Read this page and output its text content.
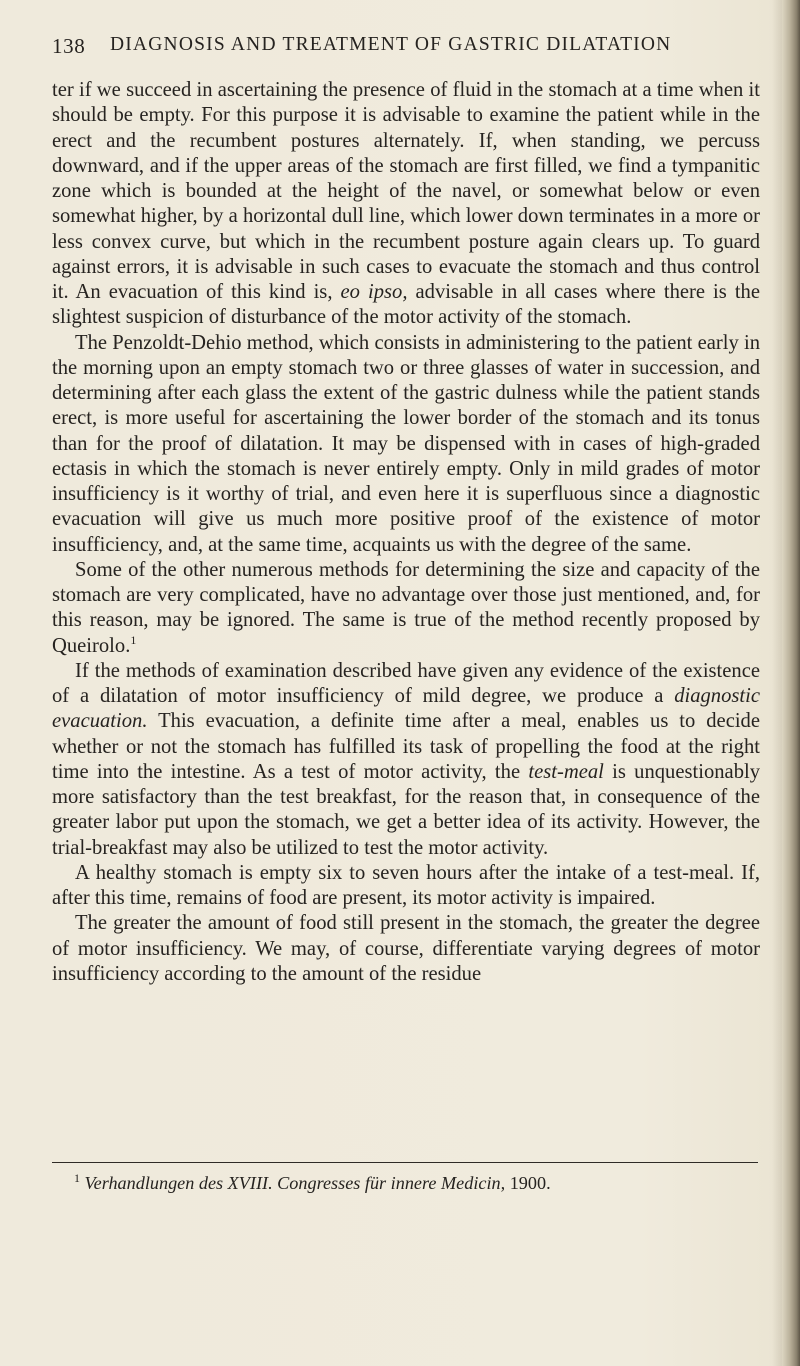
138 DIAGNOSIS AND TREATMENT OF GASTRIC DILATATION

ter if we succeed in ascertaining the presence of fluid in the stomach at a time when it should be empty. For this purpose it is advisable to examine the patient while in the erect and the recumbent postures alternately. If, when standing, we percuss downward, and if the upper areas of the stomach are first filled, we find a tympanitic zone which is bounded at the height of the navel, or somewhat below or even somewhat higher, by a horizontal dull line, which lower down terminates in a more or less convex curve, but which in the recumbent posture again clears up. To guard against errors, it is advisable in such cases to evacuate the stomach and thus control it. An evacuation of this kind is, eo ipso, advisable in all cases where there is the slightest suspicion of disturbance of the motor activity of the stomach.

The Penzoldt-Dehio method, which consists in administering to the patient early in the morning upon an empty stomach two or three glasses of water in succession, and determining after each glass the extent of the gastric dulness while the patient stands erect, is more useful for ascertaining the lower border of the stomach and its tonus than for the proof of dilatation. It may be dispensed with in cases of high-graded ectasis in which the stomach is never entirely empty. Only in mild grades of motor insufficiency is it worthy of trial, and even here it is superfluous since a diagnostic evacuation will give us much more positive proof of the existence of motor insufficiency, and, at the same time, acquaints us with the degree of the same.

Some of the other numerous methods for determining the size and capacity of the stomach are very complicated, have no advantage over those just mentioned, and, for this reason, may be ignored. The same is true of the method recently proposed by Queirolo.$^1$

If the methods of examination described have given any evidence of the existence of a dilatation of motor insufficiency of mild degree, we produce a diagnostic evacuation. This evacuation, a definite time after a meal, enables us to decide whether or not the stomach has fulfilled its task of propelling the food at the right time into the intestine. As a test of motor activity, the test-meal is unquestionably more satisfactory than the test breakfast, for the reason that, in consequence of the greater labor put upon the stomach, we get a better idea of its activity. However, the trial-breakfast may also be utilized to test the motor activity.

A healthy stomach is empty six to seven hours after the intake of a test-meal. If, after this time, remains of food are present, its motor activity is impaired.

The greater the amount of food still present in the stomach, the greater the degree of motor insufficiency. We may, of course, differentiate varying degrees of motor insufficiency according to the amount of the residue

$^1$ Verhandlungen des XVIII. Congresses für innere Medicin, 1900.
